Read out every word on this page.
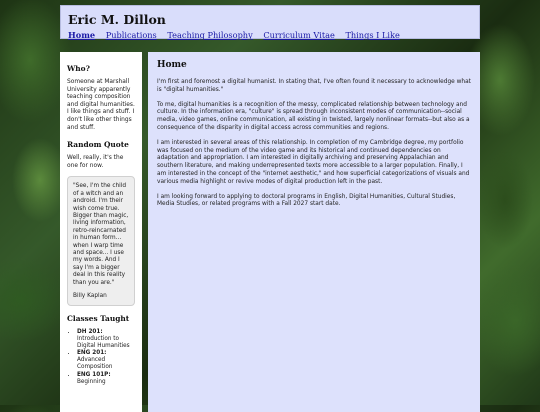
Eric M. Dillon
Home Publications Teaching Philosophy Curriculum Vitae Things I Like
Who?

Someone at Marshall University apparently teaching composition and digital humanities. I like things and stuff. I don't like other things and stuff.

Random Quote

Well, really, it's the one for now.

"See, I'm the child of a witch and an android. I'm their wish come true. Bigger than magic, living information, retro-reincarnated in human form... when I warp time and space... I use my words. And I say I'm a bigger deal in this reality than you are."

Billy Kaplan

Classes Taught
• DH 201: Introduction to Digital Humanities
• ENG 201: Advanced Composition
• ENG 101P: Beginning
Home

I'm first and foremost a digital humanist. In stating that, I've often found it necessary to acknowledge what is "digital humanities."

To me, digital humanities is a recognition of the messy, complicated relationship between technology and culture. In the information era, "culture" is spread through inconsistent modes of communication--social media, video games, online communication, all existing in twisted, largely nonlinear formats--but also as a consequence of the disparity in digital access across communities and regions.

I am interested in several areas of this relationship. In completion of my Cambridge degree, my portfolio was focused on the medium of the video game and its historical and continued dependencies on adaptation and appropriation. I am interested in digitally archiving and preserving Appalachian and southern literature, and making underrepresented texts more accessible to a larger population. Finally, I am interested in the concept of the "internet aesthetic," and how superficial categorizations of visuals and various media highlight or revive modes of digital production left in the past.

I am looking forward to applying to doctoral programs in English, Digital Humanities, Cultural Studies, Media Studies, or related programs with a Fall 2027 start date.
